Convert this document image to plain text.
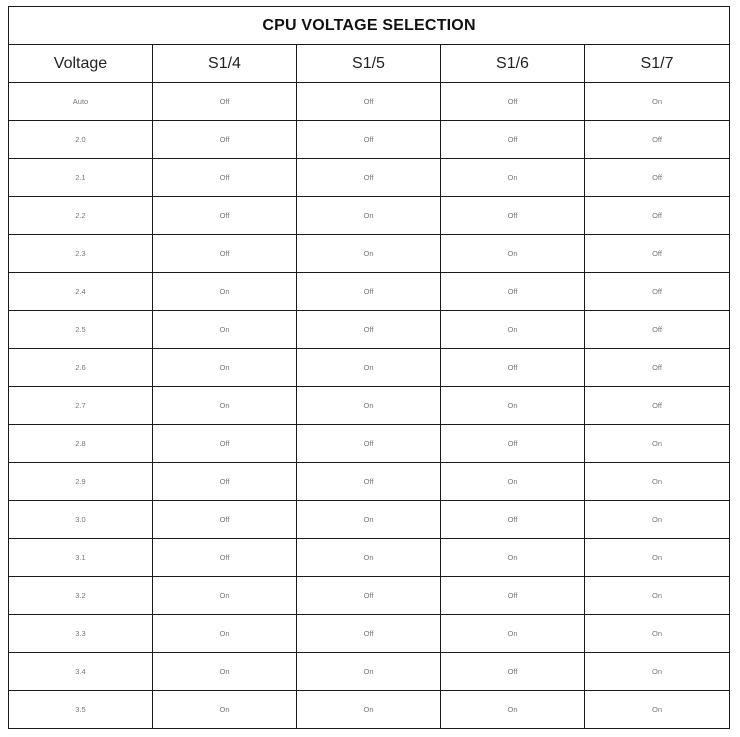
CPU VOLTAGE SELECTION				
Voltage	S1/4	S1/5	S1/6	S1/7
Auto	Off	Off	Off	On
2.0	Off	Off	Off	Off
2.1	Off	Off	On	Off
2.2	Off	On	Off	Off
2.3	Off	On	On	Off
2.4	On	Off	Off	Off
2.5	On	Off	On	Off
2.6	On	On	Off	Off
2.7	On	On	On	Off
2.8	Off	Off	Off	On
2.9	Off	Off	On	On
3.0	Off	On	Off	On
3.1	Off	On	On	On
3.2	On	Off	Off	On
3.3	On	Off	On	On
3.4	On	On	Off	On
3.5	On	On	On	On
